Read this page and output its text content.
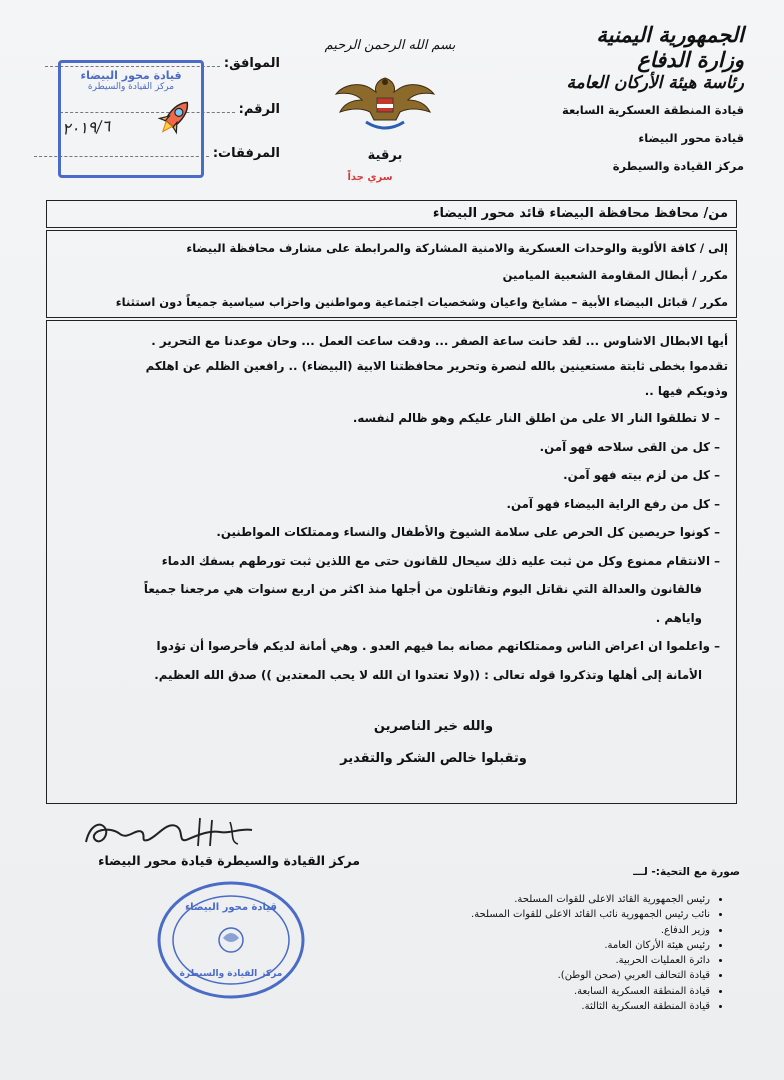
الجمهورية اليمنية
وزارة الدفاع
رئاسة هيئة الأركان العامة
قيادة المنطقة العسكرية السابعة
قيادة محور البيضاء
مركز القيادة والسيطرة
بسم الله الرحمن الرحيم
برقية
سري جداً
الموافق:
الرقم:
المرفقات:
قيادة محور البيضاء
مركز القيادة والسيطرة
٢٠١٩/٦
من/ محافظ محافظة البيضاء قائد محور البيضاء
إلى / كافة الألوية والوحدات العسكرية والامنية المشاركة والمرابطة على مشارف محافظة البيضاء
مكرر / أبطال المقاومة الشعبية الميامين
مكرر / قبائل البيضاء الأبية – مشايخ واعيان وشخصيات اجتماعية ومواطنين واحزاب سياسية جميعاً دون استثناء
أيها الابطال الاشاوس ... لقد حانت ساعة الصفر ... ودقت ساعت العمل ... وحان موعدنا مع التحرير .
تقدموا بخطى ثابتة مستعينين بالله لنصرة وتحرير محافظتنا الابية (البيضاء) .. رافعين الظلم عن اهلكم
وذويكم فيها ..
– لا تطلقوا النار الا على من اطلق النار عليكم وهو ظالم لنفسه.
– كل من القى سلاحه فهو آمن.
– كل من لزم بيته فهو آمن.
– كل من رفع الراية البيضاء فهو آمن.
– كونوا حريصين كل الحرص على سلامة الشيوخ والأطفال والنساء وممتلكات المواطنين.
– الانتقام ممنوع وكل من ثبت عليه ذلك سيحال للقانون حتى مع اللذين ثبت تورطهم بسفك الدماء
فالقانون والعدالة التي نقاتل اليوم وتقاتلون من أجلها منذ اكثر من اربع سنوات هي مرجعنا جميعاً
واياهم .
– واعلموا ان اعراض الناس وممتلكاتهم مصانه بما فيهم العدو . وهي أمانة لديكم فأحرصوا أن تؤدوا
الأمانة إلى أهلها وتذكروا قوله تعالى : ((ولا تعتدوا ان الله لا يحب المعتدين )) صدق الله العظيم.
والله خير الناصرين
وتقبلوا خالص الشكر والتقدير
مركز القيادة والسيطرة قيادة محور البيضاء
صورة مع التحية:- لـــ
• رئيس الجمهورية القائد الاعلى للقوات المسلحة.
• نائب رئيس الجمهورية نائب القائد الاعلى للقوات المسلحة.
• وزير الدفاع.
• رئيس هيئة الأركان العامة.
• دائرة العمليات الحربية.
• قيادة التحالف العربي (صحن الوطن).
• قيادة المنطقة العسكرية السابعة.
• قيادة المنطقة العسكرية الثالثة.
قيادة محور البيضاء
مركز القيادة والسيطرة
